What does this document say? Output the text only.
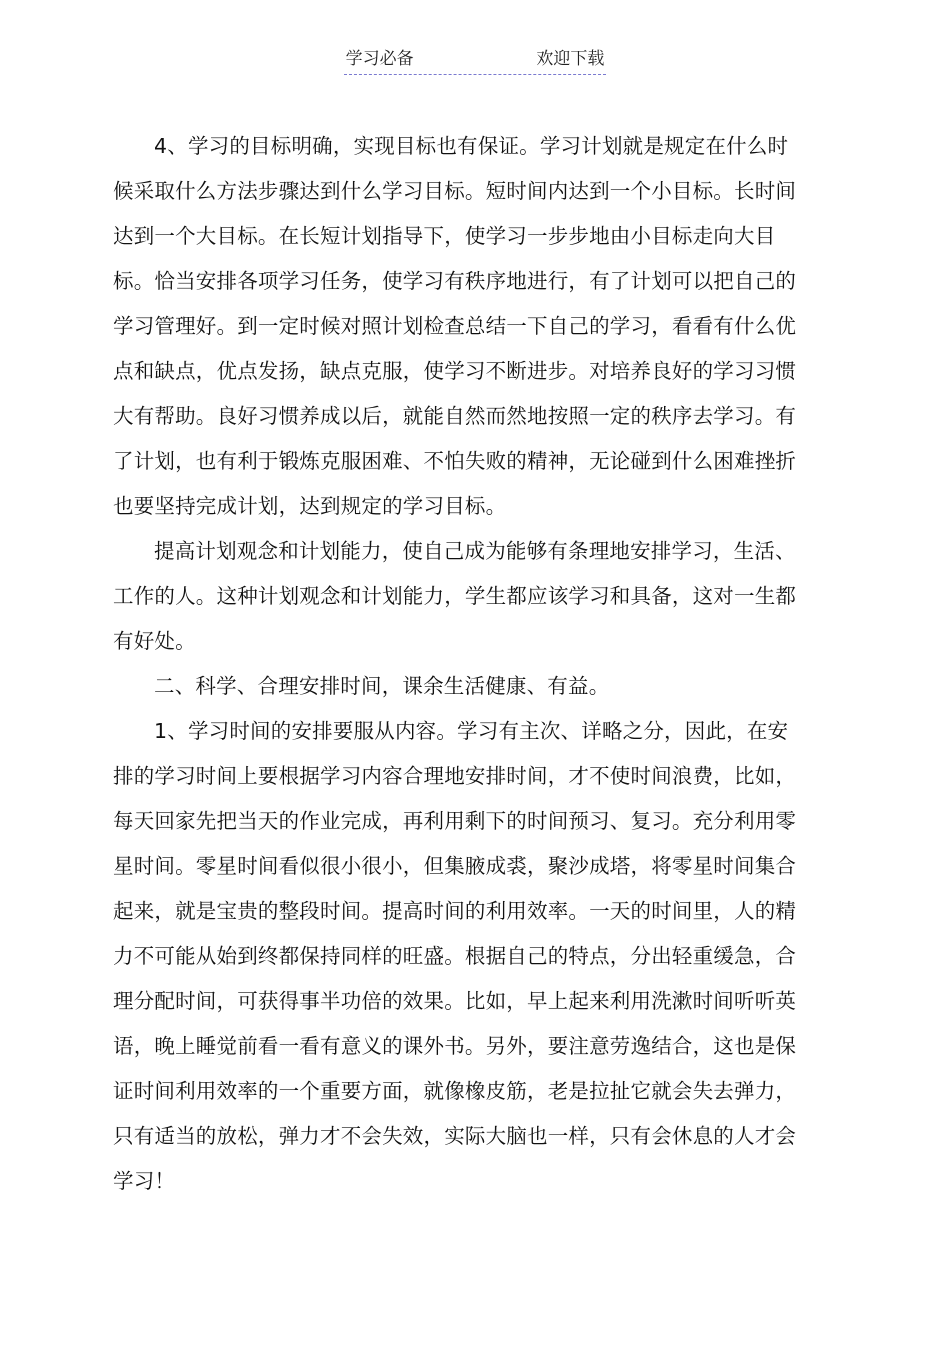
学习必备	欢迎下载

4、学习的目标明确，实现目标也有保证。学习计划就是规定在什么时候采取什么方法步骤达到什么学习目标。短时间内达到一个小目标。长时间达到一个大目标。在长短计划指导下，使学习一步步地由小目标走向大目标。恰当安排各项学习任务，使学习有秩序地进行，有了计划可以把自己的学习管理好。到一定时候对照计划检查总结一下自己的学习，看看有什么优点和缺点，优点发扬，缺点克服，使学习不断进步。对培养良好的学习习惯大有帮助。良好习惯养成以后，就能自然而然地按照一定的秩序去学习。有了计划，也有利于锻炼克服困难、不怕失败的精神，无论碰到什么困难挫折也要坚持完成计划，达到规定的学习目标。

提高计划观念和计划能力，使自己成为能够有条理地安排学习，生活、工作的人。这种计划观念和计划能力，学生都应该学习和具备，这对一生都有好处。

二、科学、合理安排时间，课余生活健康、有益。

1、学习时间的安排要服从内容。学习有主次、详略之分，因此，在安排的学习时间上要根据学习内容合理地安排时间，才不使时间浪费，比如，每天回家先把当天的作业完成，再利用剩下的时间预习、复习。充分利用零星时间。零星时间看似很小很小，但集腋成裘，聚沙成塔，将零星时间集合起来，就是宝贵的整段时间。提高时间的利用效率。一天的时间里，人的精力不可能从始到终都保持同样的旺盛。根据自己的特点，分出轻重缓急，合理分配时间，可获得事半功倍的效果。比如，早上起来利用洗漱时间听听英语，晚上睡觉前看一看有意义的课外书。另外，要注意劳逸结合，这也是保证时间利用效率的一个重要方面，就像橡皮筋，老是拉扯它就会失去弹力，只有适当的放松，弹力才不会失效，实际大脑也一样，只有会休息的人才会学习！
